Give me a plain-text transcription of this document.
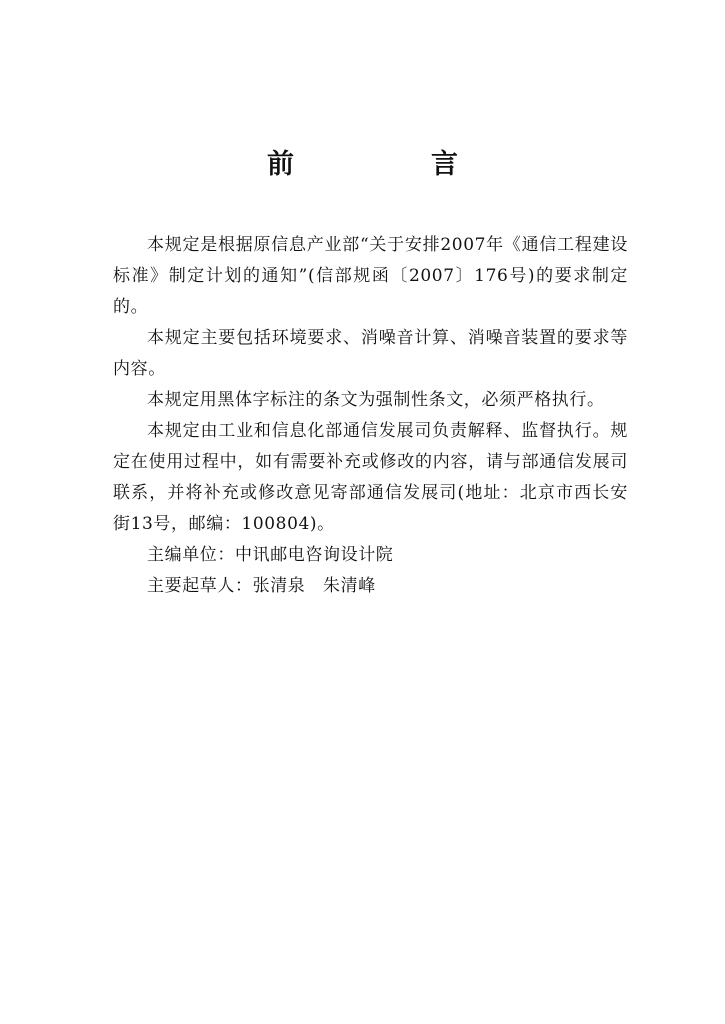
前　言

本规定是根据原信息产业部“关于安排2007年《通信工程建设标准》制定计划的通知”(信部规函〔2007〕176号)的要求制定的。

本规定主要包括环境要求、消噪音计算、消噪音装置的要求等内容。

本规定用黑体字标注的条文为强制性条文，必须严格执行。

本规定由工业和信息化部通信发展司负责解释、监督执行。规定在使用过程中，如有需要补充或修改的内容，请与部通信发展司联系，并将补充或修改意见寄部通信发展司(地址：北京市西长安街13号，邮编：100804)。

主编单位：中讯邮电咨询设计院

主要起草人：张清泉　朱清峰
